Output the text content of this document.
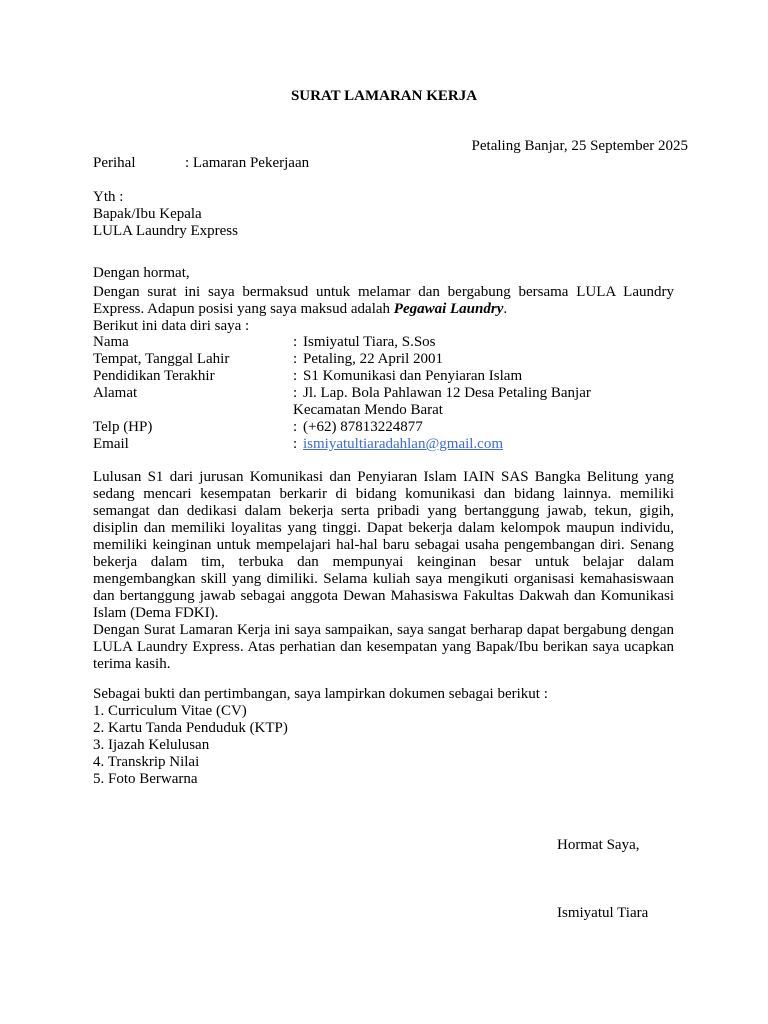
SURAT LAMARAN KERJA
Petaling Banjar, 25 September 2025
Perihal	: Lamaran Pekerjaan
Yth :
Bapak/Ibu Kepala
LULA Laundry Express
Dengan hormat,
Dengan surat ini saya bermaksud untuk melamar dan bergabung bersama LULA Laundry Express. Adapun posisi yang saya maksud adalah Pegawai Laundry.
Berikut ini data diri saya :
Nama	: Ismiyatul Tiara, S.Sos
Tempat, Tanggal Lahir	: Petaling, 22 April 2001
Pendidikan Terakhir	: S1 Komunikasi dan Penyiaran Islam
Alamat	: Jl. Lap. Bola Pahlawan 12 Desa Petaling Banjar
Kecamatan Mendo Barat
Telp (HP)	: (+62) 87813224877
Email	: ismiyatultiaradahlan@gmail.com
Lulusan S1 dari jurusan Komunikasi dan Penyiaran Islam IAIN SAS Bangka Belitung yang sedang mencari kesempatan berkarir di bidang komunikasi dan bidang lainnya. memiliki semangat dan dedikasi dalam bekerja serta pribadi yang bertanggung jawab, tekun, gigih, disiplin dan memiliki loyalitas yang tinggi. Dapat bekerja dalam kelompok maupun individu, memiliki keinginan untuk mempelajari hal-hal baru sebagai usaha pengembangan diri. Senang bekerja dalam tim, terbuka dan mempunyai keinginan besar untuk belajar dalam mengembangkan skill yang dimiliki. Selama kuliah saya mengikuti organisasi kemahasiswaan dan bertanggung jawab sebagai anggota Dewan Mahasiswa Fakultas Dakwah dan Komunikasi Islam (Dema FDKI).
Dengan Surat Lamaran Kerja ini saya sampaikan, saya sangat berharap dapat bergabung dengan LULA Laundry Express. Atas perhatian dan kesempatan yang Bapak/Ibu berikan saya ucapkan terima kasih.
Sebagai bukti dan pertimbangan, saya lampirkan dokumen sebagai berikut :
1. Curriculum Vitae (CV)
2. Kartu Tanda Penduduk (KTP)
3. Ijazah Kelulusan
4. Transkrip Nilai
5. Foto Berwarna
Hormat Saya,
Ismiyatul Tiara
